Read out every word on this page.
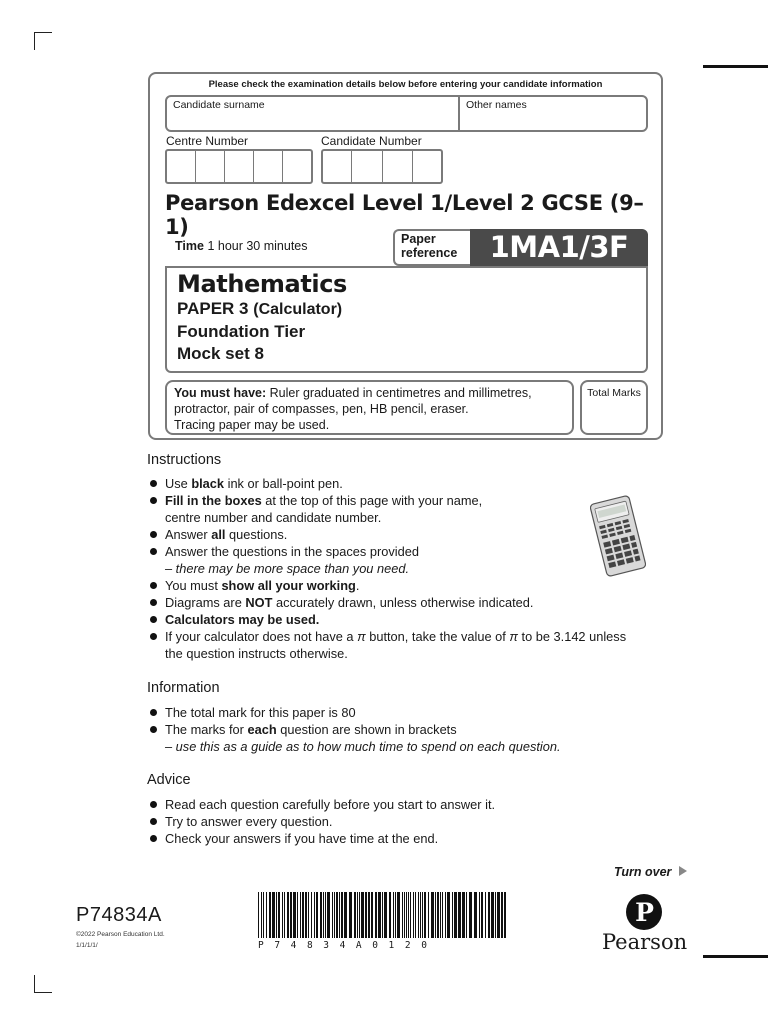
Please check the examination details below before entering your candidate information
Candidate surname	Other names
Centre Number	Candidate Number
Pearson Edexcel Level 1/Level 2 GCSE (9–1)
Time 1 hour 30 minutes	Paper
reference	1MA1/3F
Mathematics
PAPER 3 (Calculator)
Foundation Tier
Mock set 8
You must have: Ruler graduated in centimetres and millimetres,
protractor, pair of compasses, pen, HB pencil, eraser.
Tracing paper may be used.
Total Marks
Instructions
Use black ink or ball-point pen.
Fill in the boxes at the top of this page with your name,
centre number and candidate number.
Answer all questions.
Answer the questions in the spaces provided
– there may be more space than you need.
You must show all your working.
Diagrams are NOT accurately drawn, unless otherwise indicated.
Calculators may be used.
If your calculator does not have a π button, take the value of π to be 3.142 unless
the question instructs otherwise.
Information
The total mark for this paper is 80
The marks for each question are shown in brackets
– use this as a guide as to how much time to spend on each question.
Advice
Read each question carefully before you start to answer it.
Try to answer every question.
Check your answers if you have time at the end.
Turn over
P74834A
©2022 Pearson Education Ltd.
1/1/1/1/	P74834A0120
P
Pearson
